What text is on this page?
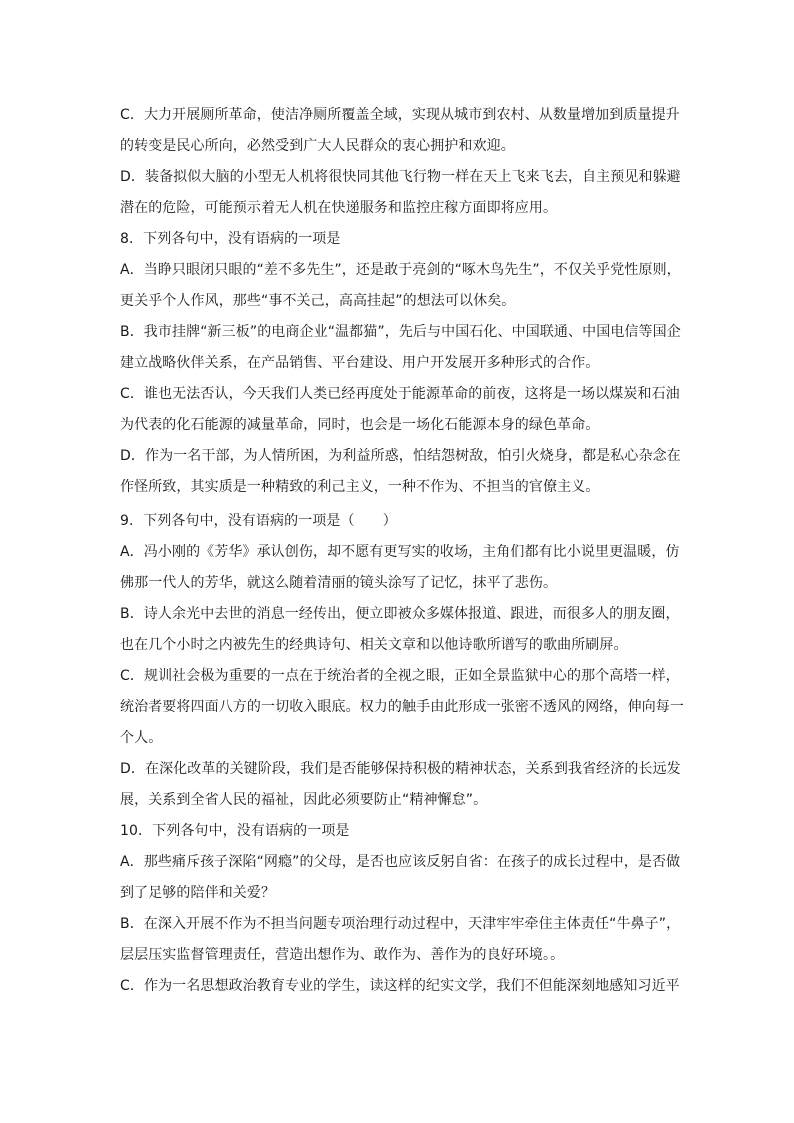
C．大力开展厕所革命，使洁净厕所覆盖全域，实现从城市到农村、从数量增加到质量提升
的转变是民心所向，必然受到广大人民群众的衷心拥护和欢迎。
D．装备拟似大脑的小型无人机将很快同其他飞行物一样在天上飞来飞去，自主预见和躲避
潜在的危险，可能预示着无人机在快递服务和监控庄稼方面即将应用。
8．下列各句中，没有语病的一项是
A．当睁只眼闭只眼的“差不多先生”，还是敢于亮剑的“啄木鸟先生”，不仅关乎党性原则，
更关乎个人作风，那些“事不关己，高高挂起”的想法可以休矣。
B．我市挂牌“新三板”的电商企业“温都猫”，先后与中国石化、中国联通、中国电信等国企
建立战略伙伴关系，在产品销售、平台建设、用户开发展开多种形式的合作。
C．谁也无法否认，今天我们人类已经再度处于能源革命的前夜，这将是一场以煤炭和石油
为代表的化石能源的减量革命，同时，也会是一场化石能源本身的绿色革命。
D．作为一名干部，为人情所困，为利益所惑，怕结怨树敌，怕引火烧身，都是私心杂念在
作怪所致，其实质是一种精致的利己主义，一种不作为、不担当的官僚主义。
9．下列各句中，没有语病的一项是（　　）
A．冯小刚的《芳华》承认创伤，却不愿有更写实的收场，主角们都有比小说里更温暖，仿
佛那一代人的芳华，就这么随着清丽的镜头涂写了记忆，抹平了悲伤。
B．诗人余光中去世的消息一经传出，便立即被众多媒体报道、跟进，而很多人的朋友圈，
也在几个小时之内被先生的经典诗句、相关文章和以他诗歌所谱写的歌曲所刷屏。
C．规训社会极为重要的一点在于统治者的全视之眼，正如全景监狱中心的那个高塔一样，
统治者要将四面八方的一切收入眼底。权力的触手由此形成一张密不透风的网络，伸向每一
个人。
D．在深化改革的关键阶段，我们是否能够保持积极的精神状态，关系到我省经济的长远发
展，关系到全省人民的福祉，因此必须要防止“精神懈怠”。
10．下列各句中，没有语病的一项是
A．那些痛斥孩子深陷“网瘾”的父母，是否也应该反躬自省：在孩子的成长过程中，是否做
到了足够的陪伴和关爱？
B．在深入开展不作为不担当问题专项治理行动过程中，天津牢牢牵住主体责任“牛鼻子”，
层层压实监督管理责任，营造出想作为、敢作为、善作为的良好环境。。
C．作为一名思想政治教育专业的学生，读这样的纪实文学，我们不但能深刻地感知习近平
